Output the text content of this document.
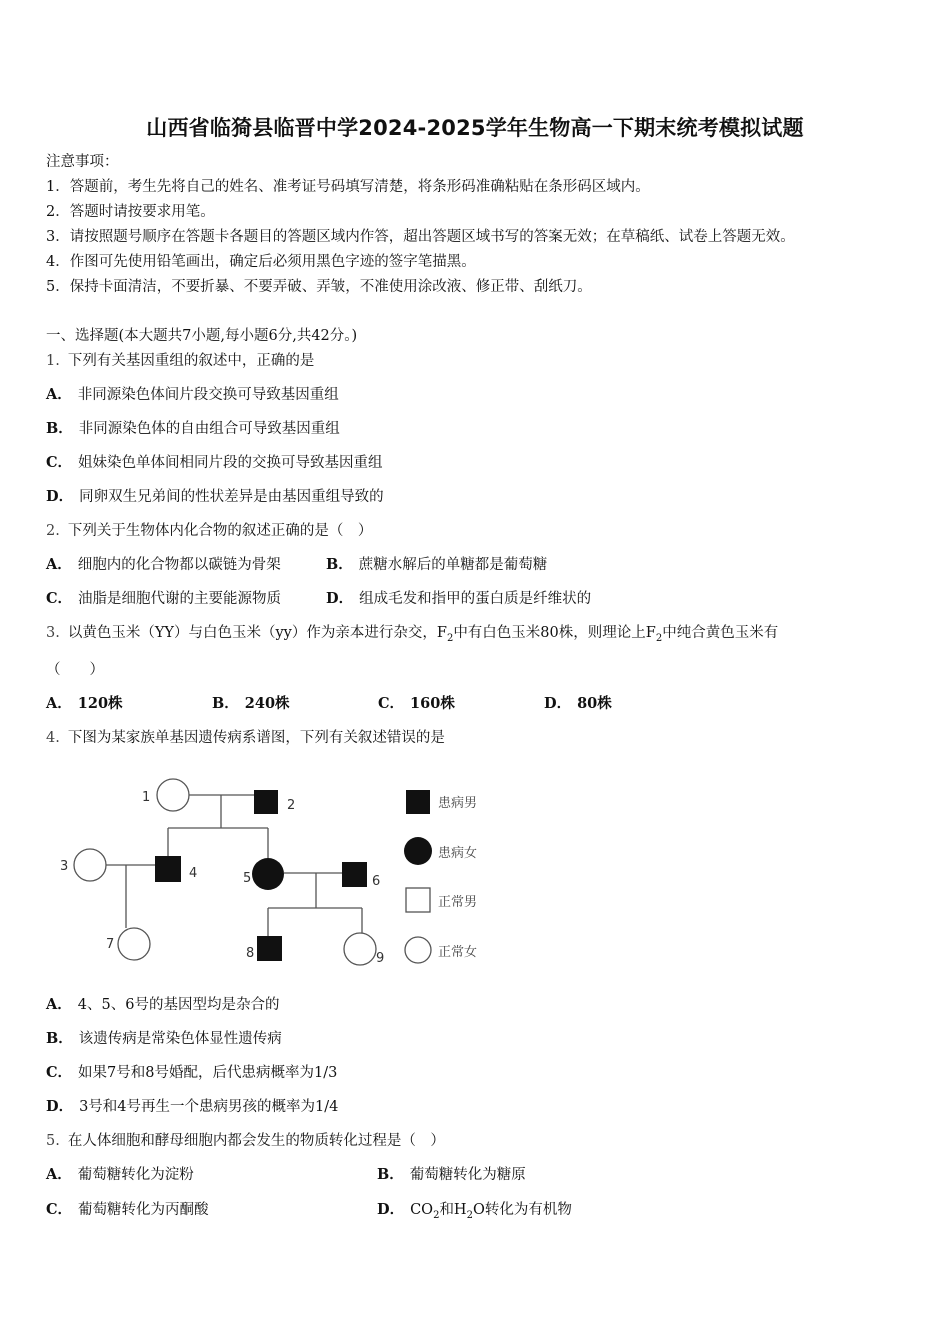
山西省临猗县临晋中学2024-2025学年生物高一下期末统考模拟试题
注意事项：
1．答题前，考生先将自己的姓名、准考证号码填写清楚，将条形码准确粘贴在条形码区域内。
2．答题时请按要求用笔。
3．请按照题号顺序在答题卡各题目的答题区域内作答，超出答题区域书写的答案无效；在草稿纸、试卷上答题无效。
4．作图可先使用铅笔画出，确定后必须用黑色字迹的签字笔描黑。
5．保持卡面清洁，不要折暴、不要弄破、弄皱，不准使用涂改液、修正带、刮纸刀。
一、选择题(本大题共7小题,每小题6分,共42分。)
1. 下列有关基因重组的叙述中，正确的是
A． 非同源染色体间片段交换可导致基因重组
B． 非同源染色体的自由组合可导致基因重组
C． 姐妹染色单体间相同片段的交换可导致基因重组
D． 同卵双生兄弟间的性状差异是由基因重组导致的
2. 下列关于生物体内化合物的叙述正确的是（　）
A． 细胞内的化合物都以碳链为骨架	B． 蔗糖水解后的单糖都是葡萄糖
C． 油脂是细胞代谢的主要能源物质	D． 组成毛发和指甲的蛋白质是纤维状的
3. 以黄色玉米（YY）与白色玉米（yy）作为亲本进行杂交，$F_2$中有白色玉米80株，则理论上$F_2$中纯合黄色玉米有
（　　）
A． 120株	B． 240株	C． 160株	D． 80株
4. 下图为某家族单基因遗传病系谱图，下列有关叙述错误的是
1
2
3	4	5	6
7
8	9
患病男
患病女
正常男
正常女
A． 4、5、6号的基因型均是杂合的
B． 该遗传病是常染色体显性遗传病
C． 如果7号和8号婚配，后代患病概率为1/3
D． 3号和4号再生一个患病男孩的概率为1/4
5. 在人体细胞和酵母细胞内都会发生的物质转化过程是（　）
A． 葡萄糖转化为淀粉	B． 葡萄糖转化为糖原
C． 葡萄糖转化为丙酮酸	D． $CO_2$和$H_2O$转化为有机物
